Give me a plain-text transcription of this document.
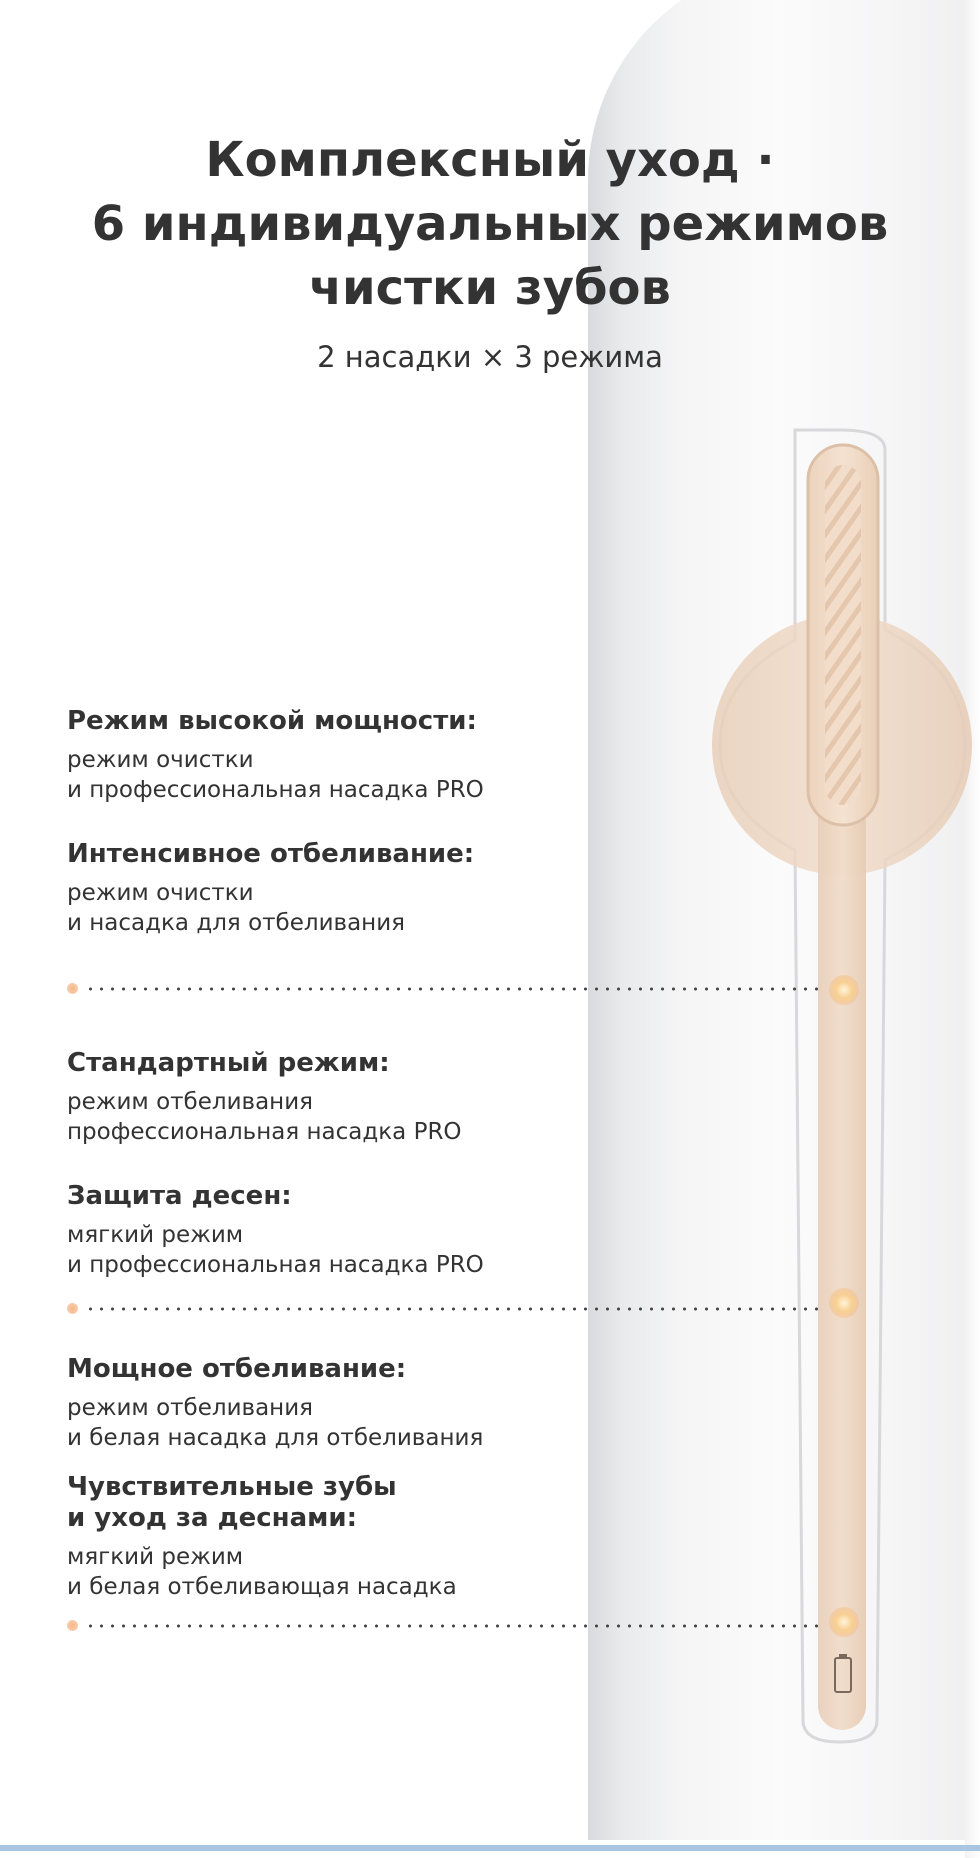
Комплексный уход ·
6 индивидуальных режимов
чистки зубов
2 насадки × 3 режима
Режим высокой мощности:
режим очистки
и профессиональная насадка PRO
Интенсивное отбеливание:
режим очистки
и насадка для отбеливания
Стандартный режим:
режим отбеливания
профессиональная насадка PRO
Защита десен:
мягкий режим
и профессиональная насадка PRO
Мощное отбеливание:
режим отбеливания
и белая насадка для отбеливания
Чувствительные зубы
и уход за деснами:
мягкий режим
и белая отбеливающая насадка
